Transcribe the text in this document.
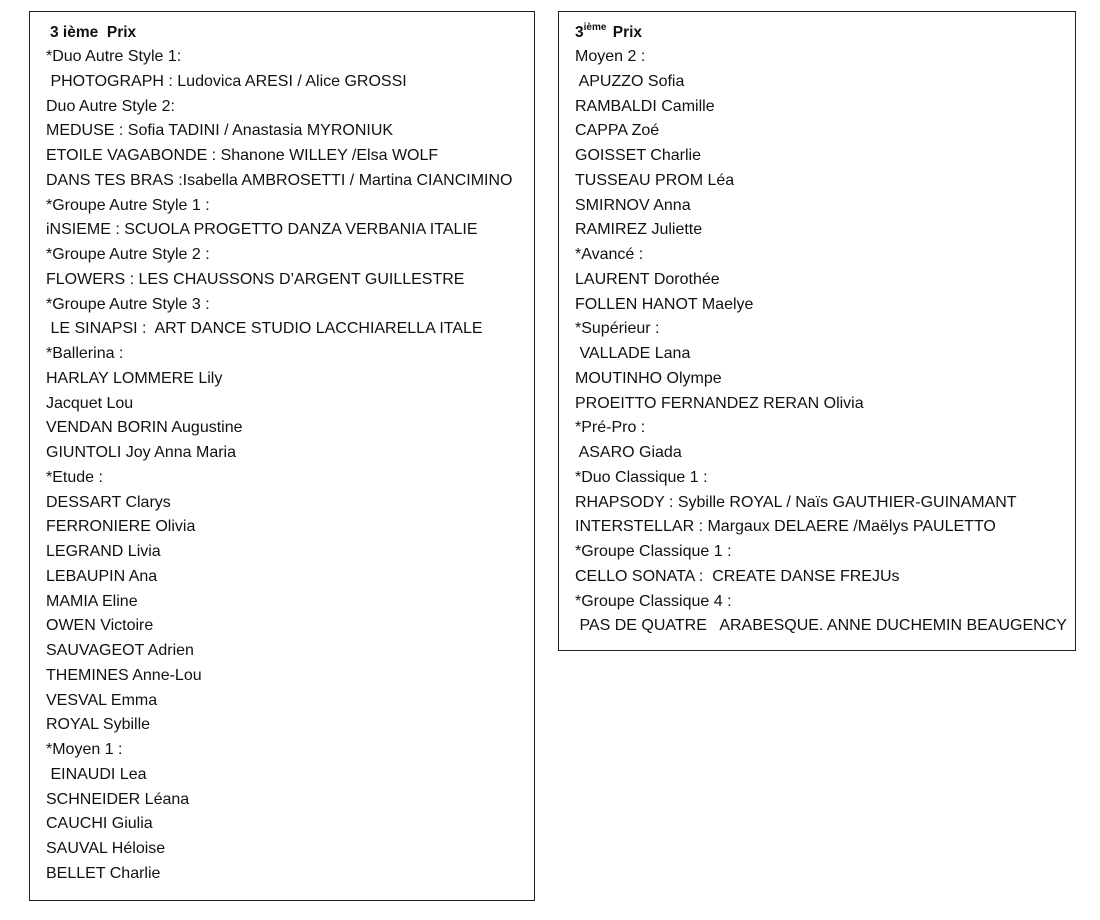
3 ième  Prix
*Duo Autre Style 1:
PHOTOGRAPH : Ludovica ARESI / Alice GROSSI
Duo Autre Style 2:
MEDUSE : Sofia TADINI / Anastasia MYRONIUK
ETOILE VAGABONDE : Shanone WILLEY /Elsa WOLF
DANS TES BRAS :Isabella AMBROSETTI / Martina CIANCIMINO
*Groupe Autre Style 1 :
iNSIEME : SCUOLA PROGETTO DANZA VERBANIA ITALIE
*Groupe Autre Style 2 :
FLOWERS : LES CHAUSSONS D’ARGENT GUILLESTRE
*Groupe Autre Style 3 :
LE SINAPSI :  ART DANCE STUDIO LACCHIARELLA ITALE
*Ballerina :
HARLAY LOMMERE Lily
Jacquet Lou
VENDAN BORIN Augustine
GIUNTOLI Joy Anna Maria
*Etude :
DESSART Clarys
FERRONIERE Olivia
LEGRAND Livia
LEBAUPIN Ana
MAMIA Eline
OWEN Victoire
SAUVAGEOT Adrien
THEMINES Anne-Lou
VESVAL Emma
ROYAL Sybille
*Moyen 1 :
EINAUDI Lea
SCHNEIDER Léana
CAUCHI Giulia
SAUVAL Héloise
BELLET Charlie
3ième Prix
Moyen 2 :
APUZZO Sofia
RAMBALDI Camille
CAPPA Zoé
GOISSET Charlie
TUSSEAU PROM Léa
SMIRNOV Anna
RAMIREZ Juliette
*Avancé :
LAURENT Dorothée
FOLLEN HANOT Maelye
*Supérieur :
VALLADE Lana
MOUTINHO Olympe
PROEITTO FERNANDEZ RERAN Olivia
*Pré-Pro :
ASARO Giada
*Duo Classique 1 :
RHAPSODY : Sybille ROYAL / Naïs GAUTHIER-GUINAMANT
INTERSTELLAR : Margaux DELAERE /Maëlys PAULETTO
*Groupe Classique 1 :
CELLO SONATA :  CREATE DANSE FREJUs
*Groupe Classique 4 :
PAS DE QUATRE   ARABESQUE. ANNE DUCHEMIN BEAUGENCY
